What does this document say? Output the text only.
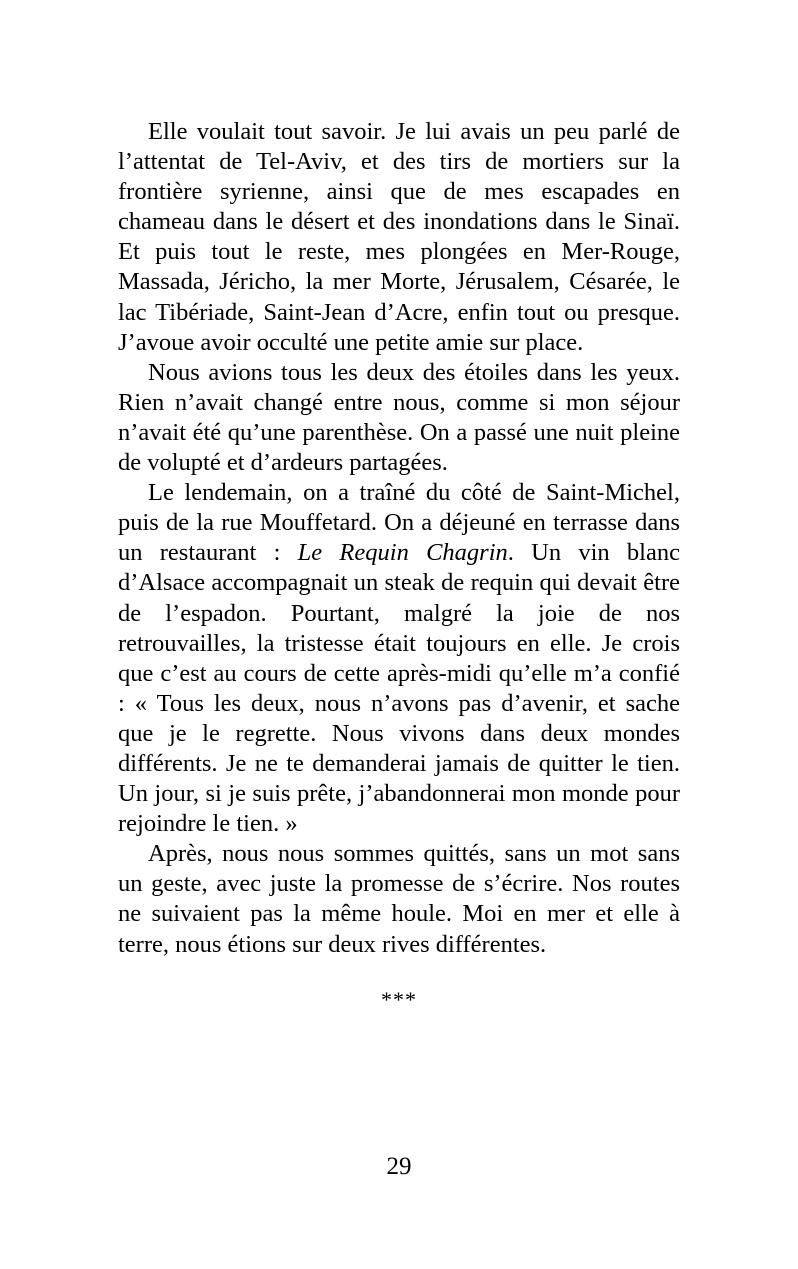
Elle voulait tout savoir. Je lui avais un peu parlé de l’attentat de Tel-Aviv, et des tirs de mortiers sur la frontière syrienne, ainsi que de mes escapades en chameau dans le désert et des inondations dans le Sinaï. Et puis tout le reste, mes plongées en Mer-Rouge, Massada, Jéricho, la mer Morte, Jérusalem, Césarée, le lac Tibériade, Saint-Jean d’Acre, enfin tout ou presque. J’avoue avoir occulté une petite amie sur place.

Nous avions tous les deux des étoiles dans les yeux. Rien n’avait changé entre nous, comme si mon séjour n’avait été qu’une parenthèse. On a passé une nuit pleine de volupté et d’ardeurs partagées.

Le lendemain, on a traîné du côté de Saint-Michel, puis de la rue Mouffetard. On a déjeuné en terrasse dans un restaurant : Le Requin Chagrin. Un vin blanc d’Alsace accompagnait un steak de requin qui devait être de l’espadon. Pourtant, malgré la joie de nos retrouvailles, la tristesse était toujours en elle. Je crois que c’est au cours de cette après-midi qu’elle m’a confié : « Tous les deux, nous n’avons pas d’avenir, et sache que je le regrette. Nous vivons dans deux mondes différents. Je ne te demanderai jamais de quitter le tien. Un jour, si je suis prête, j’abandonnerai mon monde pour rejoindre le tien. »

Après, nous nous sommes quittés, sans un mot sans un geste, avec juste la promesse de s’écrire. Nos routes ne suivaient pas la même houle. Moi en mer et elle à terre, nous étions sur deux rives différentes.

***
29
